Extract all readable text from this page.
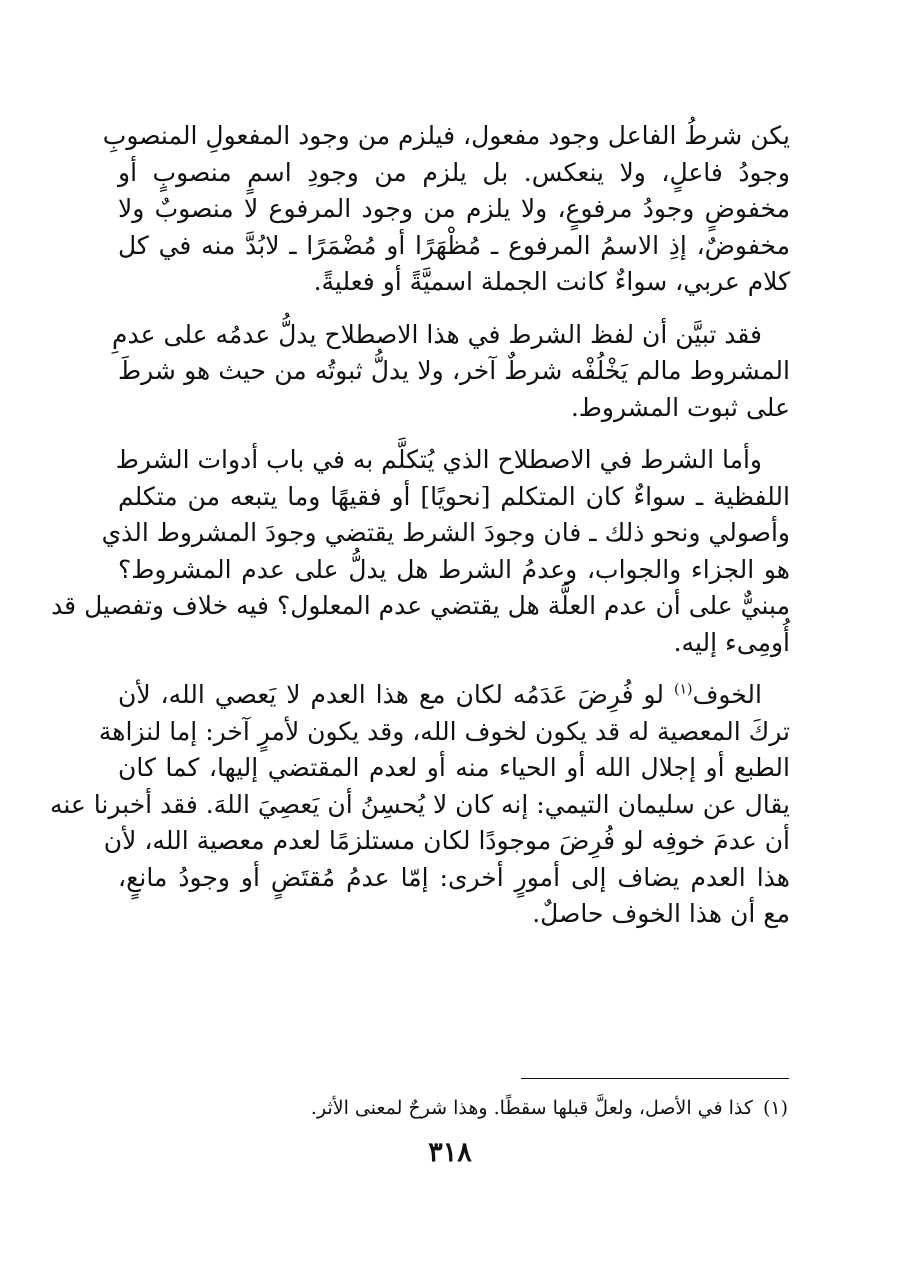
يكن شرطُ الفاعل وجود مفعول، فيلزم من وجود المفعولِ المنصوبِ
وجودُ فاعلٍ، ولا ينعكس. بل يلزم من وجودِ اسمٍ منصوبٍ أو
مخفوضٍ وجودُ مرفوعٍ، ولا يلزم من وجود المرفوع لا منصوبٌ ولا
مخفوضٌ، إذِ الاسمُ المرفوع ـ مُظْهَرًا أو مُضْمَرًا ـ لابُدَّ منه في كل
كلام عربي، سواءٌ كانت الجملة اسميَّةً أو فعليةً.

فقد تبيَّن أن لفظ الشرط في هذا الاصطلاح يدلُّ عدمُه على عدمِ
المشروط مالم يَخْلُفْه شرطٌ آخر، ولا يدلُّ ثبوتُه من حيث هو شرطَ
على ثبوت المشروط.

وأما الشرط في الاصطلاح الذي يُتكلَّم به في باب أدوات الشرط
اللفظية ـ سواءٌ كان المتكلم [نحويًا] أو فقيهًا وما يتبعه من متكلم
وأصولي ونحو ذلك ـ فان وجودَ الشرط يقتضي وجودَ المشروط الذي
هو الجزاء والجواب، وعدمُ الشرط هل يدلُّ على عدم المشروط؟
مبنيٌّ على أن عدم العلَّة هل يقتضي عدم المعلول؟ فيه خلاف وتفصيل قد
أُومِىء إليه.

الخوف$^{(١)}$ لو فُرِضَ عَدَمُه لكان مع هذا العدم لا يَعصي الله، لأن
تركَ المعصية له قد يكون لخوف الله، وقد يكون لأمرٍ آخر: إما لنزاهة
الطبع أو إجلال الله أو الحياء منه أو لعدم المقتضي إليها، كما كان
يقال عن سليمان التيمي: إنه كان لا يُحسِنُ أن يَعصِيَ اللهَ. فقد أخبرنا عنه
أن عدمَ خوفِه لو فُرِضَ موجودًا لكان مستلزمًا لعدم معصية الله، لأن
هذا العدم يضاف إلى أمورٍ أخرى: إمّا عدمُ مُقتَضٍ أو وجودُ مانعٍ،
مع أن هذا الخوف حاصلٌ.

(١)كذا في الأصل، ولعلَّ قبلها سقطًا. وهذا شرحٌ لمعنى الأثر.
٣١٨
